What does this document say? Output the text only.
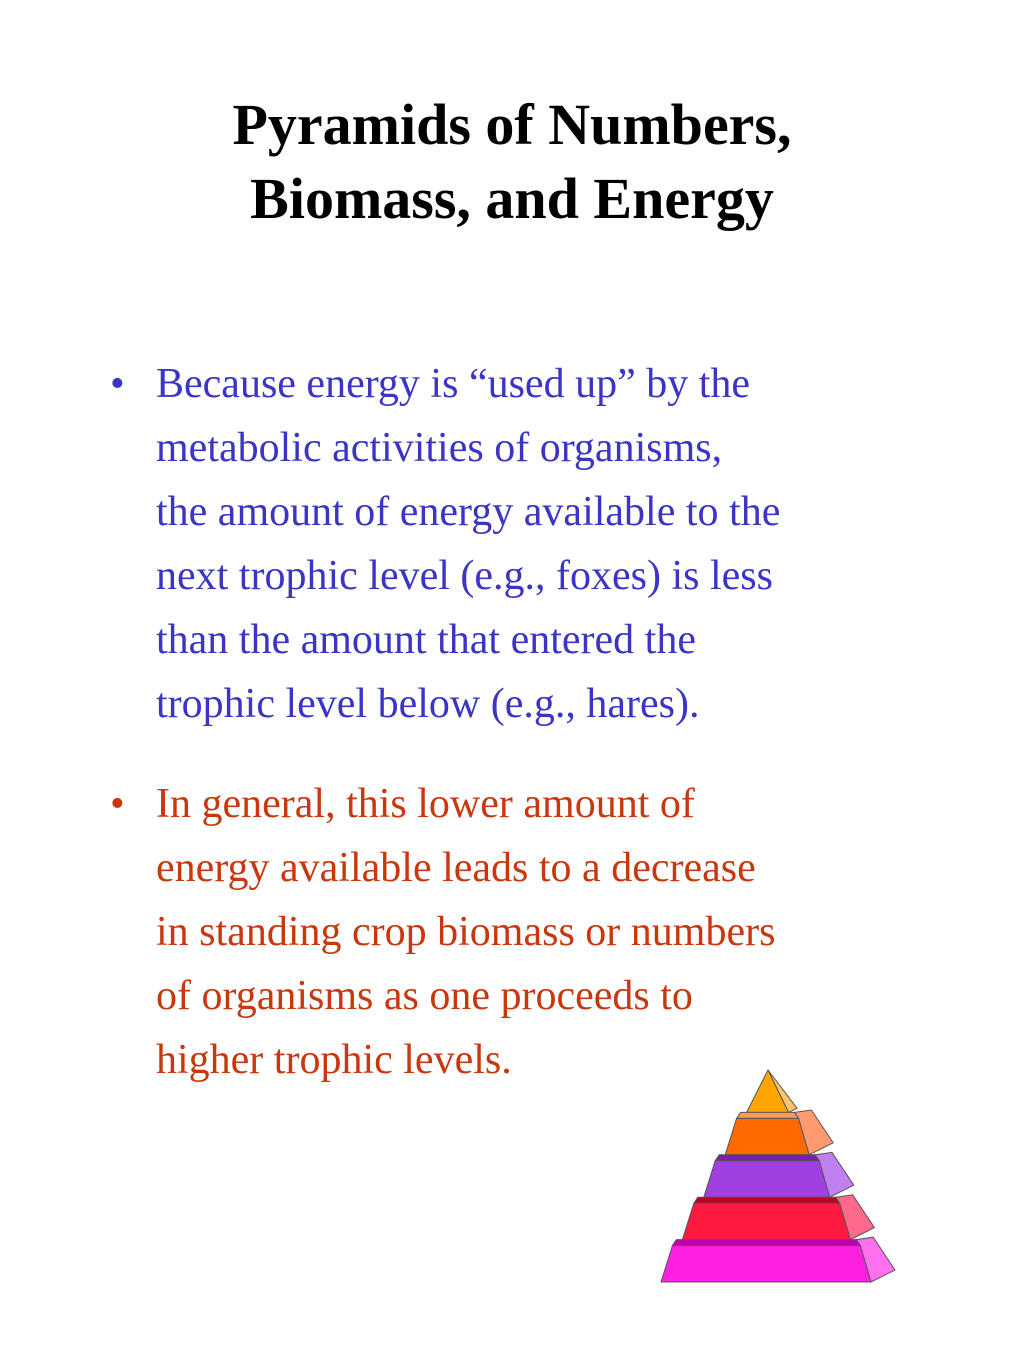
Pyramids of Numbers,
Biomass, and Energy
• Because energy is “used up” by the
metabolic activities of organisms,
the amount of energy available to the
next trophic level (e.g., foxes) is less
than the amount that entered the
trophic level below (e.g., hares).
• In general, this lower amount of
energy available leads to a decrease
in standing crop biomass or numbers
of organisms as one proceeds to
higher trophic levels.
